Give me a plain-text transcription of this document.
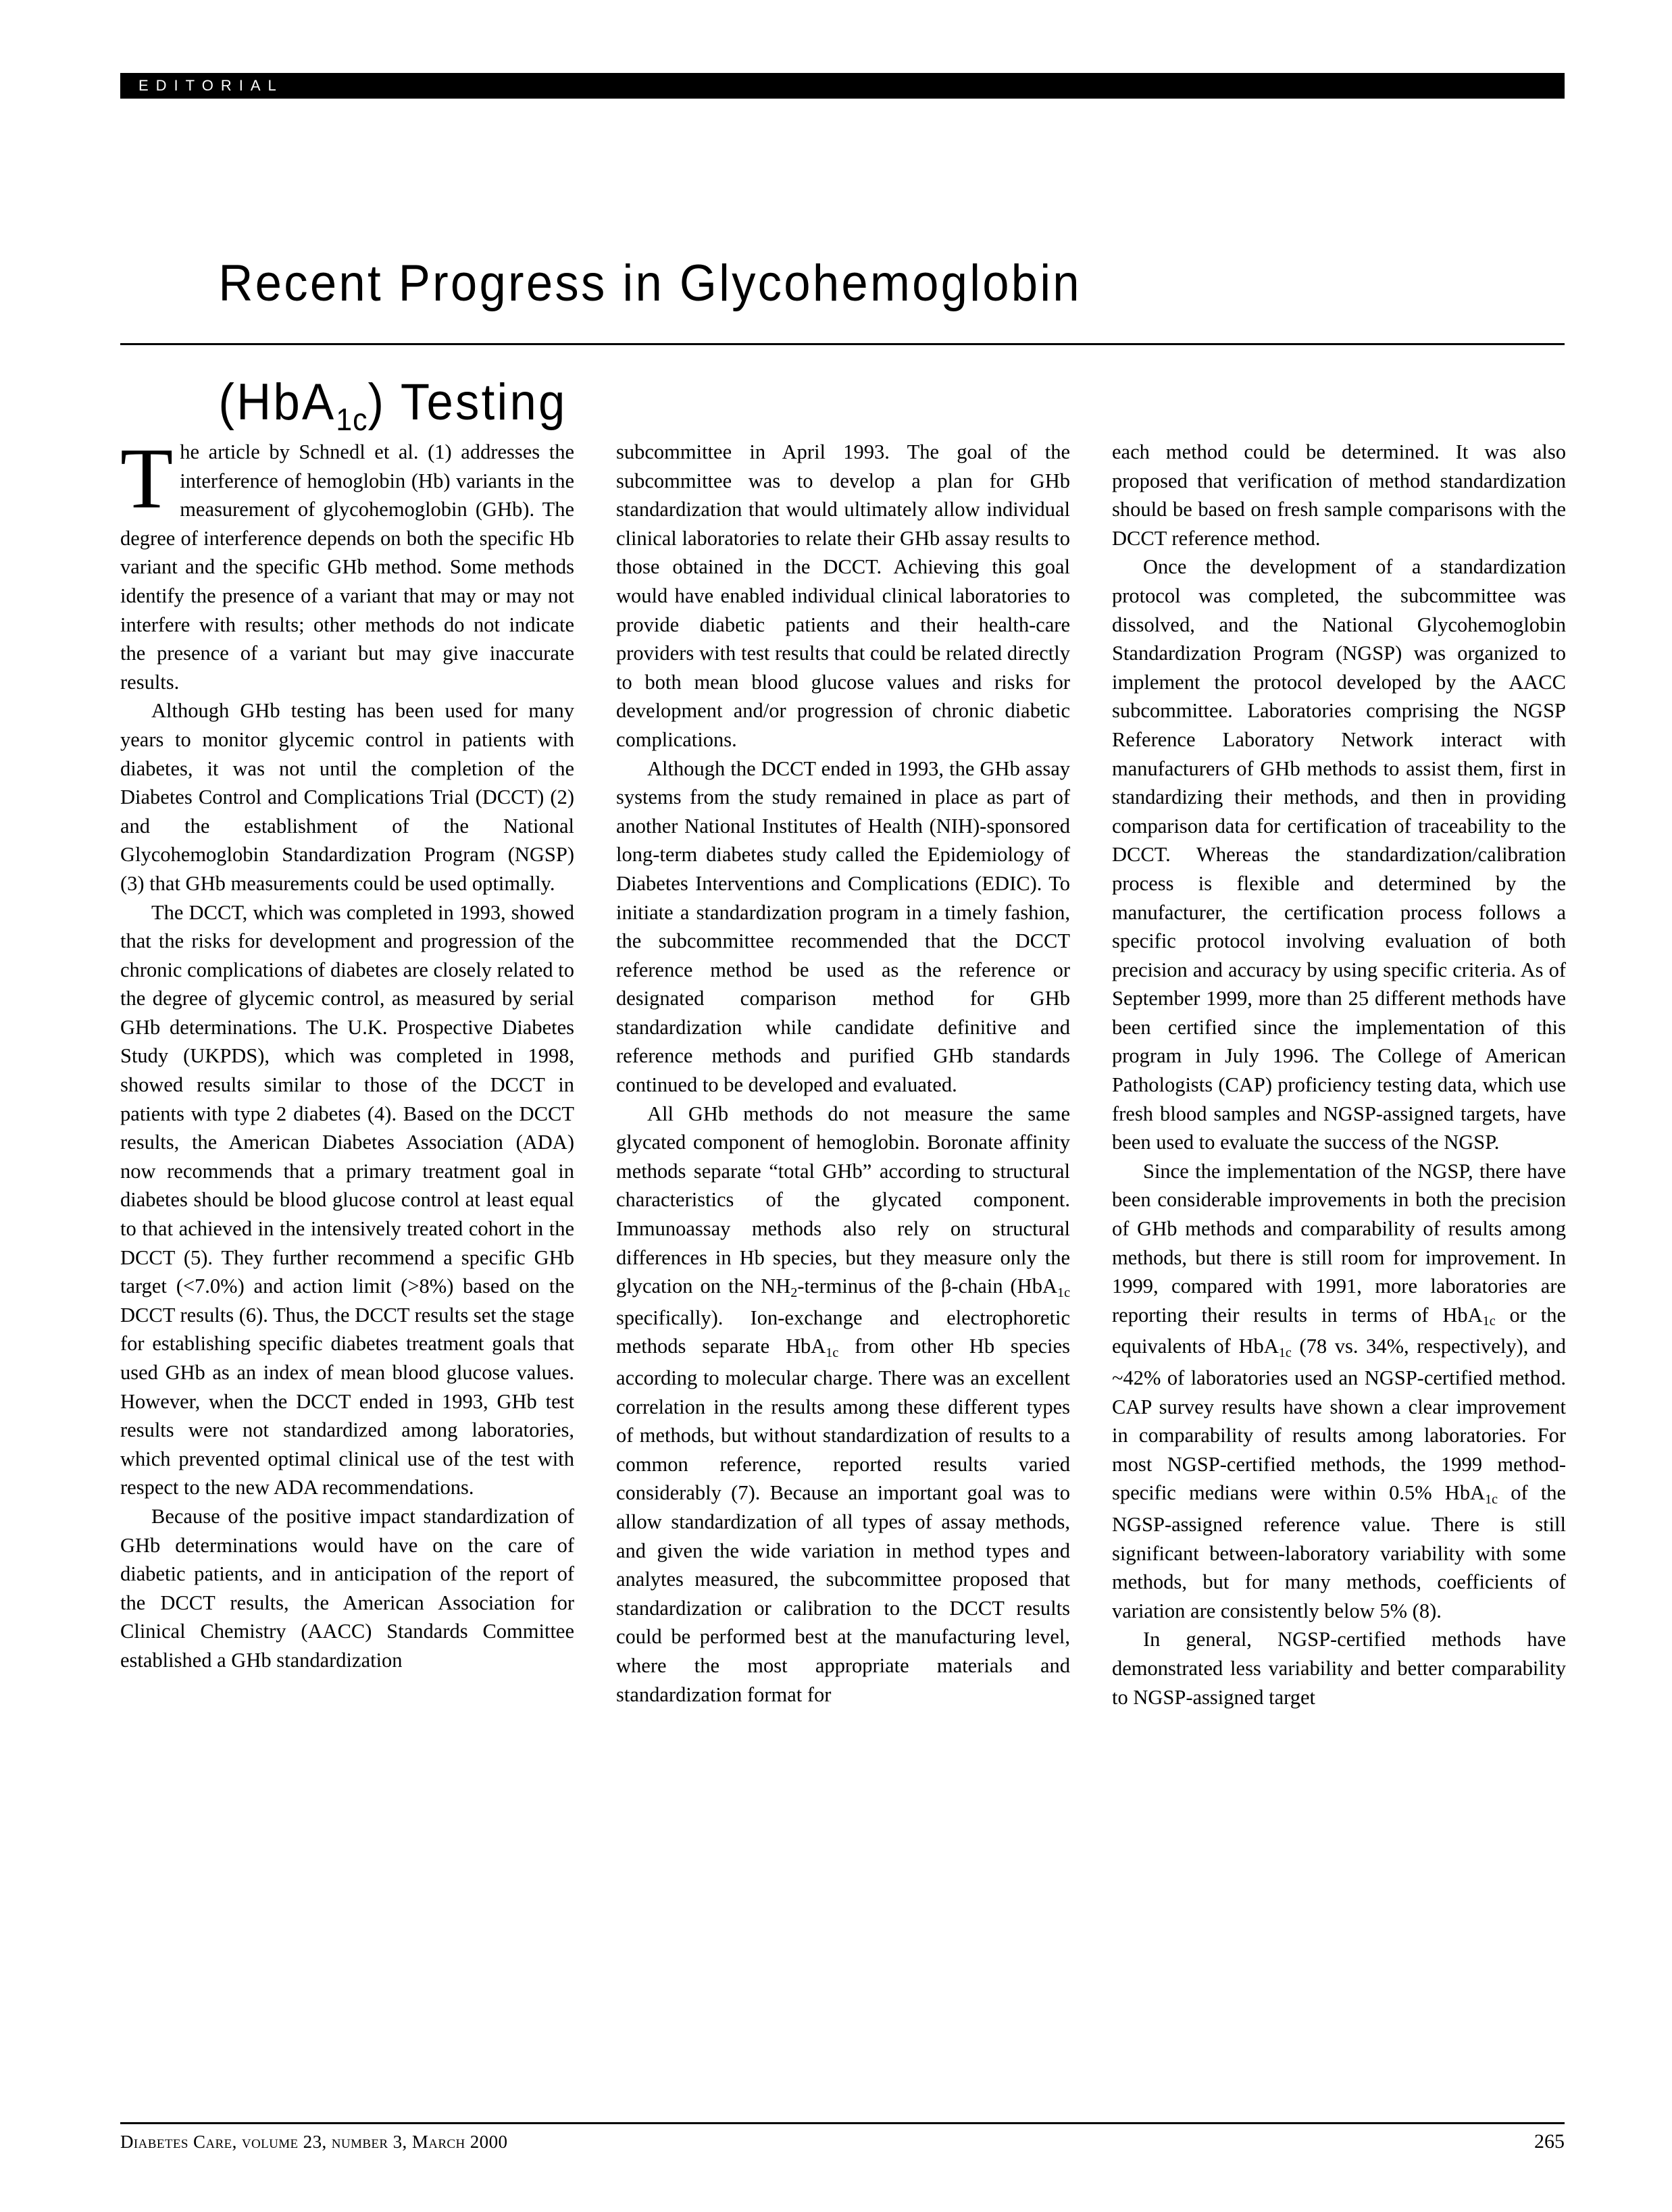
EDITORIAL

Recent Progress in Glycohemoglobin

(HbA$_{1c}$) Testing

The article by Schnedl et al. (1) addresses the interference of hemoglobin (Hb) variants in the measurement of glycohemoglobin (GHb). The degree of interference depends on both the specific Hb variant and the specific GHb method. Some methods identify the presence of a variant that may or may not interfere with results; other methods do not indicate the presence of a variant but may give inaccurate results.

Although GHb testing has been used for many years to monitor glycemic control in patients with diabetes, it was not until the completion of the Diabetes Control and Complications Trial (DCCT) (2) and the establishment of the National Glycohemoglobin Standardization Program (NGSP) (3) that GHb measurements could be used optimally.

The DCCT, which was completed in 1993, showed that the risks for development and progression of the chronic complications of diabetes are closely related to the degree of glycemic control, as measured by serial GHb determinations. The U.K. Prospective Diabetes Study (UKPDS), which was completed in 1998, showed results similar to those of the DCCT in patients with type 2 diabetes (4). Based on the DCCT results, the American Diabetes Association (ADA) now recommends that a primary treatment goal in diabetes should be blood glucose control at least equal to that achieved in the intensively treated cohort in the DCCT (5). They further recommend a specific GHb target (<7.0%) and action limit (>8%) based on the DCCT results (6). Thus, the DCCT results set the stage for establishing specific diabetes treatment goals that used GHb as an index of mean blood glucose values. However, when the DCCT ended in 1993, GHb test results were not standardized among laboratories, which prevented optimal clinical use of the test with respect to the new ADA recommendations.

Because of the positive impact standardization of GHb determinations would have on the care of diabetic patients, and in anticipation of the report of the DCCT results, the American Association for Clinical Chemistry (AACC) Standards Committee established a GHb standardization

subcommittee in April 1993. The goal of the subcommittee was to develop a plan for GHb standardization that would ultimately allow individual clinical laboratories to relate their GHb assay results to those obtained in the DCCT. Achieving this goal would have enabled individual clinical laboratories to provide diabetic patients and their health-care providers with test results that could be related directly to both mean blood glucose values and risks for development and/or progression of chronic diabetic complications.

Although the DCCT ended in 1993, the GHb assay systems from the study remained in place as part of another National Institutes of Health (NIH)-sponsored long-term diabetes study called the Epidemiology of Diabetes Interventions and Complications (EDIC). To initiate a standardization program in a timely fashion, the subcommittee recommended that the DCCT reference method be used as the reference or designated comparison method for GHb standardization while candidate definitive and reference methods and purified GHb standards continued to be developed and evaluated.

All GHb methods do not measure the same glycated component of hemoglobin. Boronate affinity methods separate “total GHb” according to structural characteristics of the glycated component. Immunoassay methods also rely on structural differences in Hb species, but they measure only the glycation on the $NH_2$-terminus of the β-chain (HbA$_{1c}$ specifically). Ion-exchange and electrophoretic methods separate HbA$_{1c}$ from other Hb species according to molecular charge. There was an excellent correlation in the results among these different types of methods, but without standardization of results to a common reference, reported results varied considerably (7). Because an important goal was to allow standardization of all types of assay methods, and given the wide variation in method types and analytes measured, the subcommittee proposed that standardization or calibration to the DCCT results could be performed best at the manufacturing level, where the most appropriate materials and standardization format for

each method could be determined. It was also proposed that verification of method standardization should be based on fresh sample comparisons with the DCCT reference method.

Once the development of a standardization protocol was completed, the subcommittee was dissolved, and the National Glycohemoglobin Standardization Program (NGSP) was organized to implement the protocol developed by the AACC subcommittee. Laboratories comprising the NGSP Reference Laboratory Network interact with manufacturers of GHb methods to assist them, first in standardizing their methods, and then in providing comparison data for certification of traceability to the DCCT. Whereas the standardization/calibration process is flexible and determined by the manufacturer, the certification process follows a specific protocol involving evaluation of both precision and accuracy by using specific criteria. As of September 1999, more than 25 different methods have been certified since the implementation of this program in July 1996. The College of American Pathologists (CAP) proficiency testing data, which use fresh blood samples and NGSP-assigned targets, have been used to evaluate the success of the NGSP.

Since the implementation of the NGSP, there have been considerable improvements in both the precision of GHb methods and comparability of results among methods, but there is still room for improvement. In 1999, compared with 1991, more laboratories are reporting their results in terms of HbA$_{1c}$ or the equivalents of HbA$_{1c}$ (78 vs. 34%, respectively), and ~42% of laboratories used an NGSP-certified method. CAP survey results have shown a clear improvement in comparability of results among laboratories. For most NGSP-certified methods, the 1999 method-specific medians were within 0.5% HbA$_{1c}$ of the NGSP-assigned reference value. There is still significant between-laboratory variability with some methods, but for many methods, coefficients of variation are consistently below 5% (8).

In general, NGSP-certified methods have demonstrated less variability and better comparability to NGSP-assigned target

Diabetes Care, volume 23, number 3, March 2000	265
